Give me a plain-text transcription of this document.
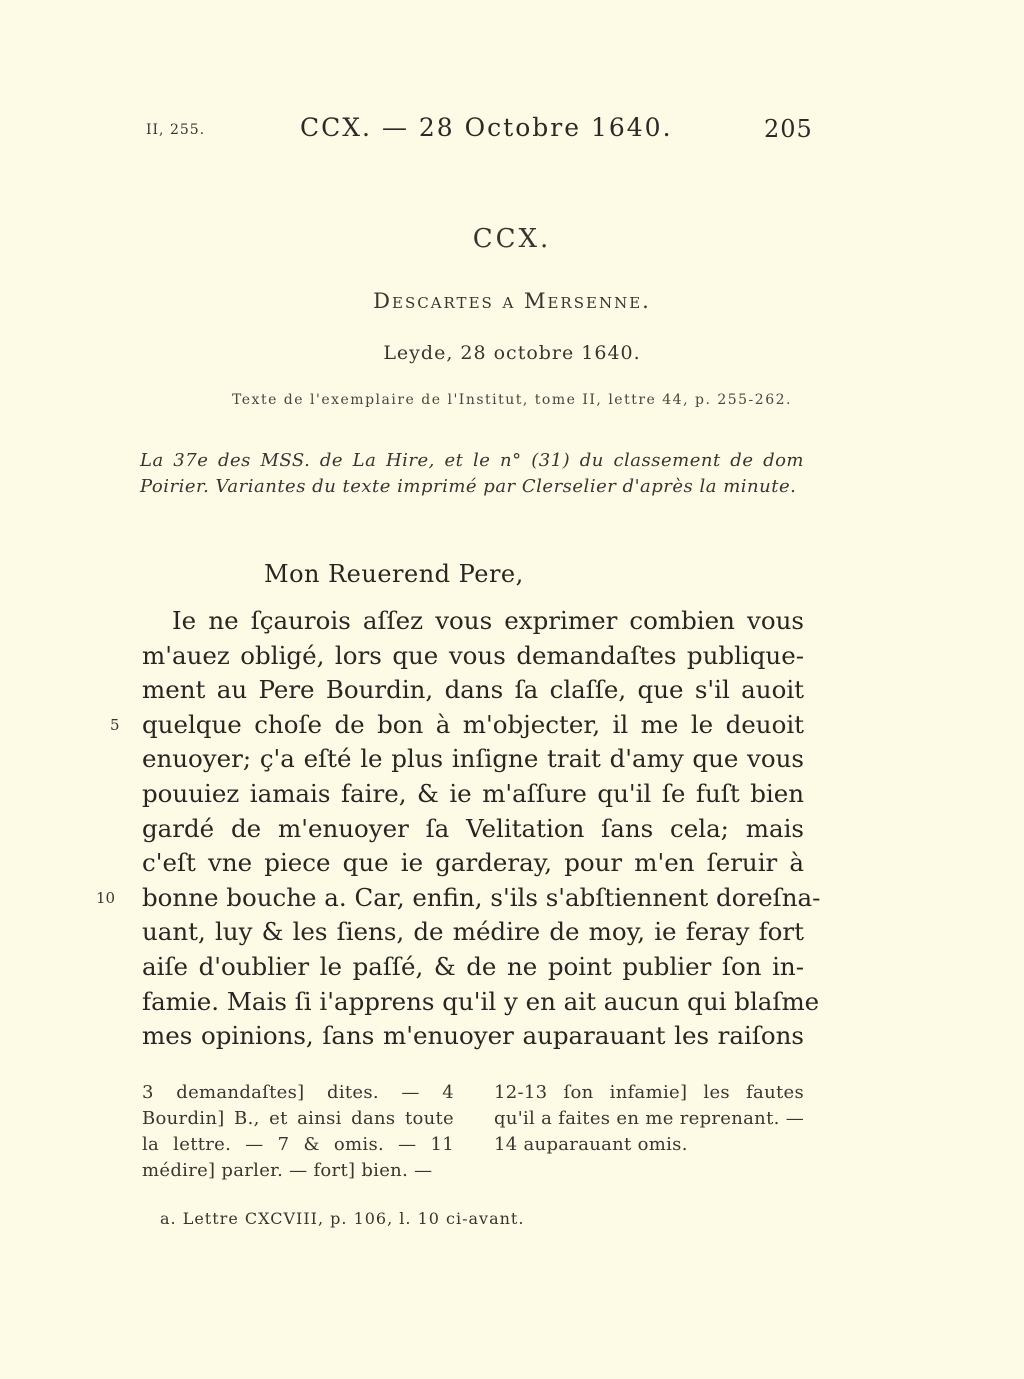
II, 255.	CCX. — 28 Octobre 1640.	205
CCX.
Descartes a Mersenne.
Leyde, 28 octobre 1640.
Texte de l'exemplaire de l'Institut, tome II, lettre 44, p. 255-262.
La 37e des MSS. de La Hire, et le n° (31) du classement de dom Poirier. Variantes du texte imprimé par Clerselier d'après la minute.
Mon Reuerend Pere,
5
10
Ie ne ſçaurois aſſez vous exprimer combien vous
m'auez obligé, lors que vous demandaſtes publique-
ment au Pere Bourdin, dans ſa claſſe, que s'il auoit
quelque choſe de bon à m'objecter, il me le deuoit
enuoyer; ç'a eſté le plus inſigne trait d'amy que vous
pouuiez iamais faire, & ie m'aſſure qu'il ſe fuſt bien
gardé de m'enuoyer ſa Velitation ſans cela; mais
c'eſt vne piece que ie garderay, pour m'en ſeruir à
bonne bouche a. Car, enfin, s'ils s'abſtiennent doreſna-
uant, luy & les ſiens, de médire de moy, ie feray fort
aiſe d'oublier le paſſé, & de ne point publier ſon in-
famie. Mais ſi i'apprens qu'il y en ait aucun qui blaſme
mes opinions, ſans m'enuoyer auparauant les raiſons
3 demandaſtes] dites. — 4 Bourdin] B., et ainsi dans toute la lettre. — 7 & omis. — 11 médire] parler. — fort] bien. —
12-13 ſon infamie] les fautes qu'il a faites en me reprenant. — 14 auparauant omis.
a. Lettre CXCVIII, p. 106, l. 10 ci-avant.
